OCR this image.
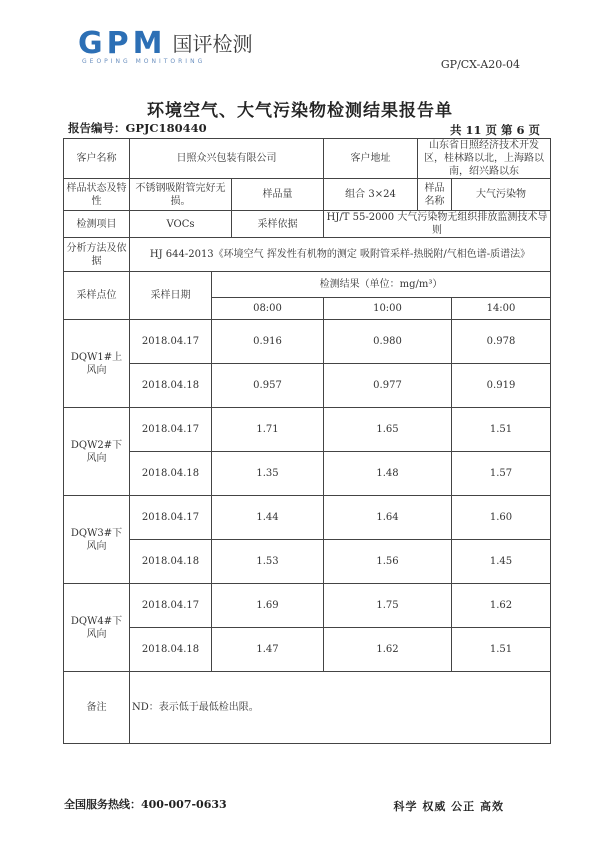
GPM 国评检测
GEOPING MONITORING	GP/CX-A20-04
环境空气、大气污染物检测结果报告单
报告编号：GPJC180440	共 11 页 第 6 页
客户名称	日照众兴包装有限公司			客户地址	山东省日照经济技术开发区，桂林路以北，上海路以南，绍兴路以东	
样品状态及特性	不锈钢吸附管完好无损。		样品量	组合 3×24	样品名称	大气污染物
检测项目	VOCs		采样依据	HJ/T 55-2000 大气污染物无组织排放监测技术导则		
分析方法及依据	HJ 644-2013《环境空气 挥发性有机物的测定 吸附管采样-热脱附/气相色谱-质谱法》					
采样点位	采样日期	检测结果（单位：mg/m³）				
		08:00		10:00		14:00
DQW1#上风向	2018.04.17	0.916		0.980		0.978
	2018.04.18	0.957		0.977		0.919
DQW2#下风向	2018.04.17	1.71		1.65		1.51
	2018.04.18	1.35		1.48		1.57
DQW3#下风向	2018.04.17	1.44		1.64		1.60
	2018.04.18	1.53		1.56		1.45
DQW4#下风向	2018.04.17	1.69		1.75		1.62
	2018.04.18	1.47		1.62		1.51
备注	ND：表示低于最低检出限。					
全国服务热线：400-007-0633	科学 权威 公正 高效
